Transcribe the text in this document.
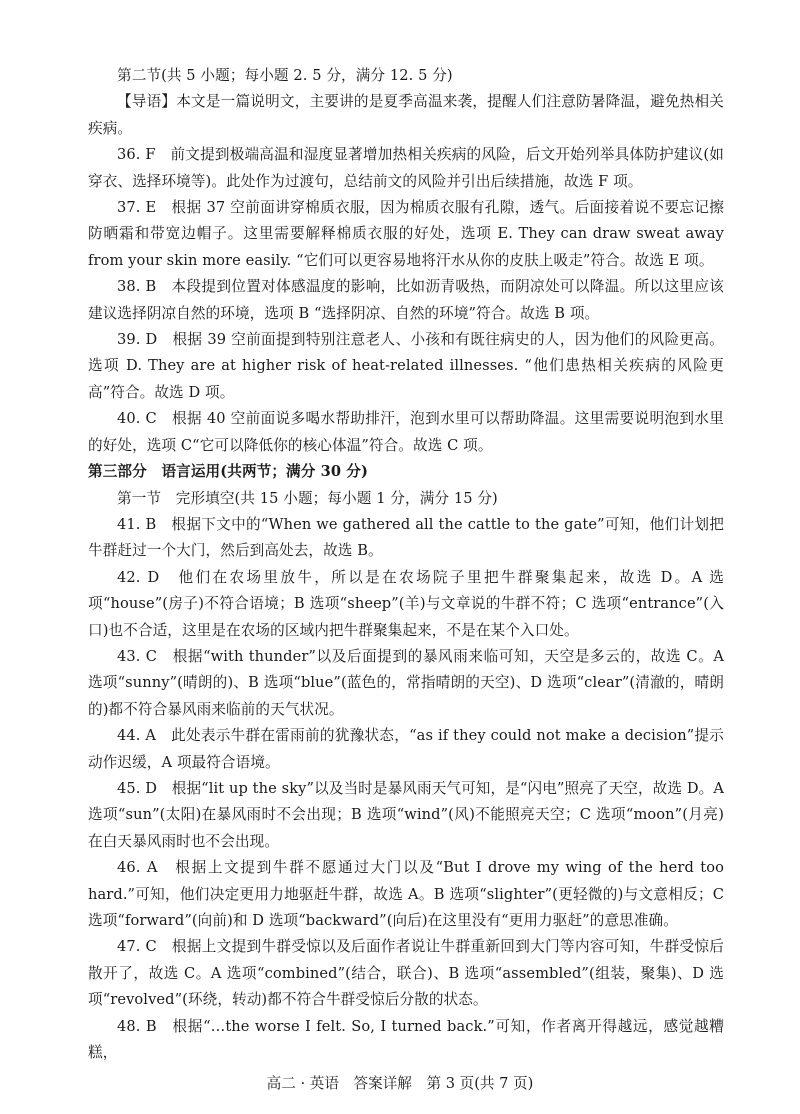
第二节(共 5 小题；每小题 2. 5 分，满分 12. 5 分)

【导语】本文是一篇说明文，主要讲的是夏季高温来袭，提醒人们注意防暑降温，避免热相关疾病。

36. F　前文提到极端高温和湿度显著增加热相关疾病的风险，后文开始列举具体防护建议(如穿衣、选择环境等)。此处作为过渡句，总结前文的风险并引出后续措施，故选 F 项。

37. E　根据 37 空前面讲穿棉质衣服，因为棉质衣服有孔隙，透气。后面接着说不要忘记擦防晒霜和带宽边帽子。这里需要解释棉质衣服的好处，选项 E. They can draw sweat away from your skin more easily. “它们可以更容易地将汗水从你的皮肤上吸走”符合。故选 E 项。

38. B　本段提到位置对体感温度的影响，比如沥青吸热，而阴凉处可以降温。所以这里应该建议选择阴凉自然的环境，选项 B “选择阴凉、自然的环境”符合。故选 B 项。

39. D　根据 39 空前面提到特别注意老人、小孩和有既往病史的人，因为他们的风险更高。选项 D. They are at higher risk of heat-related illnesses. “他们患热相关疾病的风险更高”符合。故选 D 项。

40. C　根据 40 空前面说多喝水帮助排汗，泡到水里可以帮助降温。这里需要说明泡到水里的好处，选项 C“它可以降低你的核心体温”符合。故选 C 项。

第三部分　语言运用(共两节；满分 30 分)

第一节　完形填空(共 15 小题；每小题 1 分，满分 15 分)

41. B　根据下文中的“When we gathered all the cattle to the gate”可知，他们计划把牛群赶过一个大门，然后到高处去，故选 B。

42. D　他们在农场里放牛，所以是在农场院子里把牛群聚集起来，故选 D。A 选项“house”(房子)不符合语境；B 选项“sheep”(羊)与文章说的牛群不符；C 选项“entrance”(入口)也不合适，这里是在农场的区域内把牛群聚集起来，不是在某个入口处。

43. C　根据“with thunder”以及后面提到的暴风雨来临可知，天空是多云的，故选 C。A 选项“sunny”(晴朗的)、B 选项“blue”(蓝色的，常指晴朗的天空)、D 选项“clear”(清澈的，晴朗的)都不符合暴风雨来临前的天气状况。

44. A　此处表示牛群在雷雨前的犹豫状态，“as if they could not make a decision”提示动作迟缓，A 项最符合语境。

45. D　根据“lit up the sky”以及当时是暴风雨天气可知，是“闪电”照亮了天空，故选 D。A 选项“sun”(太阳)在暴风雨时不会出现；B 选项“wind”(风)不能照亮天空；C 选项“moon”(月亮)在白天暴风雨时也不会出现。

46. A　根据上文提到牛群不愿通过大门以及“But I drove my wing of the herd too hard.”可知，他们决定更用力地驱赶牛群，故选 A。B 选项“slighter”(更轻微的)与文意相反；C 选项“forward”(向前)和 D 选项“backward”(向后)在这里没有“更用力驱赶”的意思准确。

47. C　根据上文提到牛群受惊以及后面作者说让牛群重新回到大门等内容可知，牛群受惊后散开了，故选 C。A 选项“combined”(结合，联合)、B 选项“assembled”(组装，聚集)、D 选项“revolved”(环绕，转动)都不符合牛群受惊后分散的状态。

48. B　根据“…the worse I felt. So, I turned back.”可知，作者离开得越远，感觉越糟糕，

高二 · 英语　答案详解　第 3 页(共 7 页)
